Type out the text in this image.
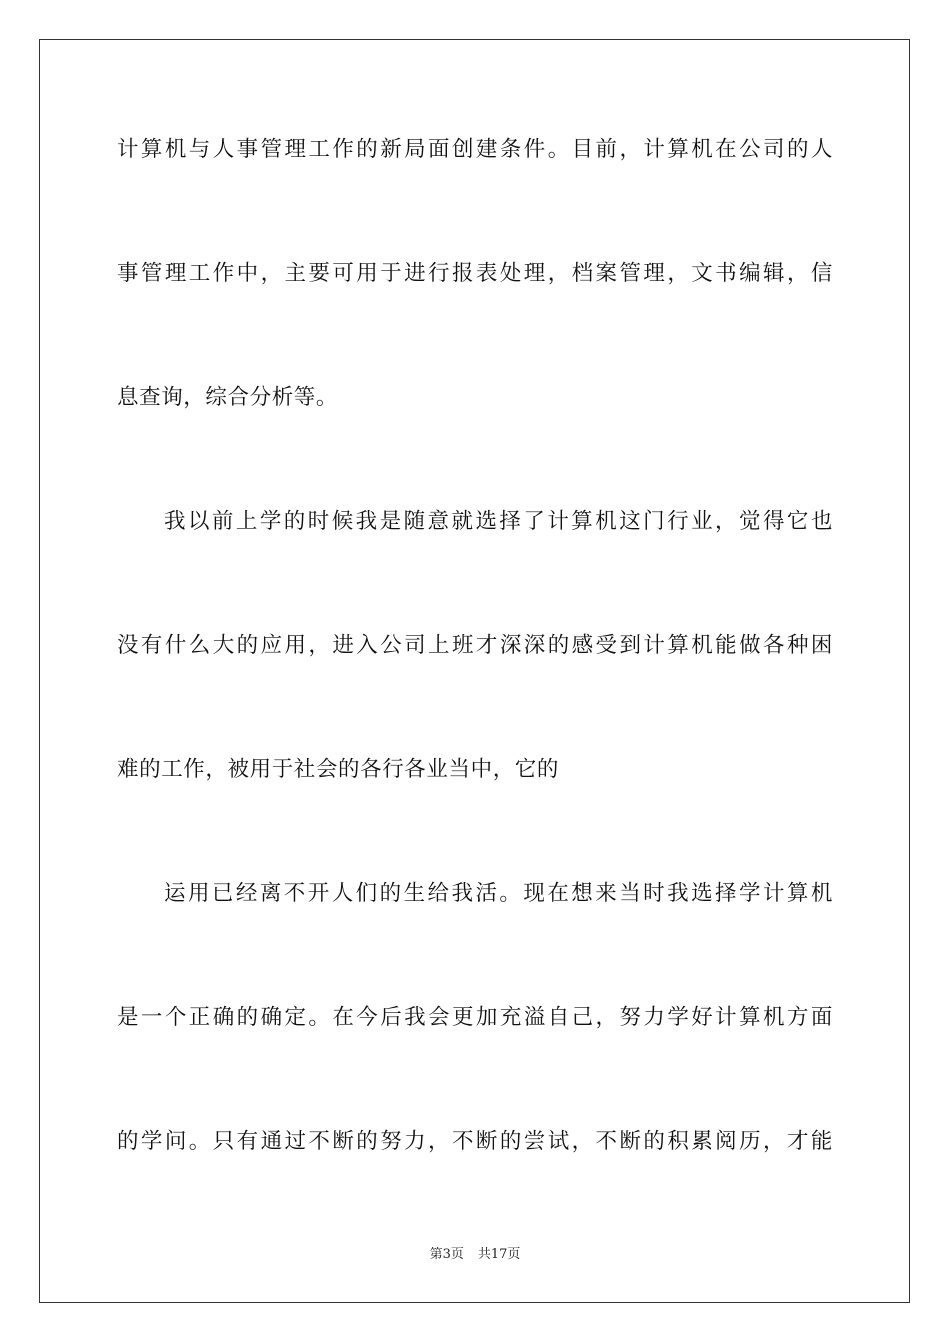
计算机与人事管理工作的新局面创建条件。目前，计算机在公司的人
事管理工作中，主要可用于进行报表处理，档案管理，文书编辑，信
息查询，综合分析等。
我以前上学的时候我是随意就选择了计算机这门行业，觉得它也
没有什么大的应用，进入公司上班才深深的感受到计算机能做各种困
难的工作，被用于社会的各行各业当中，它的
运用已经离不开人们的生给我活。现在想来当时我选择学计算机
是一个正确的确定。在今后我会更加充溢自己，努力学好计算机方面
的学问。只有通过不断的努力，不断的尝试，不断的积累阅历，才能
第3页 共17页
